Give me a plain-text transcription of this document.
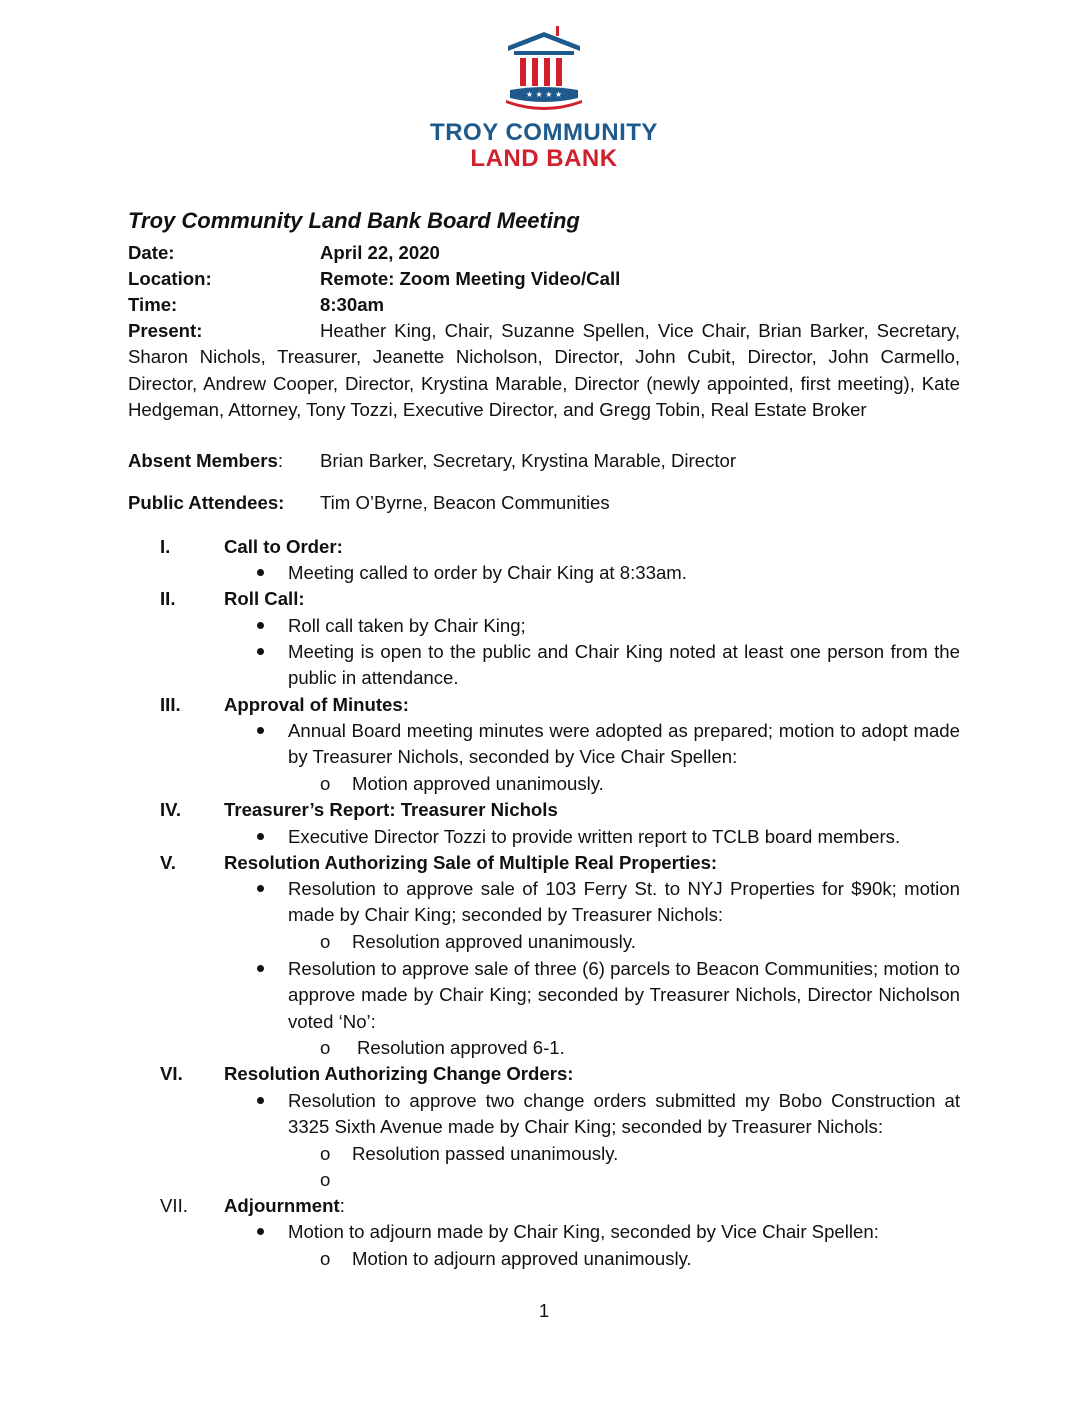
★ ★ ★ ★
TROY COMMUNITY
LAND BANK
Troy Community Land Bank Board Meeting
Date:	April 22, 2020
Location:	Remote: Zoom Meeting Video/Call
Time:	8:30am
Present:	Heather King, Chair, Suzanne Spellen, Vice Chair, Brian Barker, Secretary, Sharon Nichols, Treasurer, Jeanette Nicholson, Director, John Cubit, Director, John Carmello, Director, Andrew Cooper, Director, Krystina Marable, Director (newly appointed, first meeting), Kate Hedgeman, Attorney, Tony Tozzi, Executive Director, and Gregg Tobin, Real Estate Broker
Absent Members: Brian Barker, Secretary, Krystina Marable, Director
Public Attendees: Tim O’Byrne, Beacon Communities
I.	Call to Order:
Meeting called to order by Chair King at 8:33am.
II.	Roll Call:
Roll call taken by Chair King;
Meeting is open to the public and Chair King noted at least one person from the public in attendance.
III. Approval of Minutes:
Annual Board meeting minutes were adopted as prepared; motion to adopt made by Treasurer Nichols, seconded by Vice Chair Spellen:
o Motion approved unanimously.
IV. Treasurer’s Report: Treasurer Nichols
Executive Director Tozzi to provide written report to TCLB board members.
V.	Resolution Authorizing Sale of Multiple Real Properties:
Resolution to approve sale of 103 Ferry St. to NYJ Properties for $90k; motion made by Chair King; seconded by Treasurer Nichols:
o Resolution approved unanimously.
Resolution to approve sale of three (6) parcels to Beacon Communities; motion to approve made by Chair King; seconded by Treasurer Nichols, Director Nicholson voted ‘No’:
o Resolution approved 6-1.
VI. Resolution Authorizing Change Orders:
Resolution to approve two change orders submitted my Bobo Construction at 3325 Sixth Avenue made by Chair King; seconded by Treasurer Nichols:
o Resolution passed unanimously.
o
VII. Adjournment:
Motion to adjourn made by Chair King, seconded by Vice Chair Spellen:
o Motion to adjourn approved unanimously.
1
